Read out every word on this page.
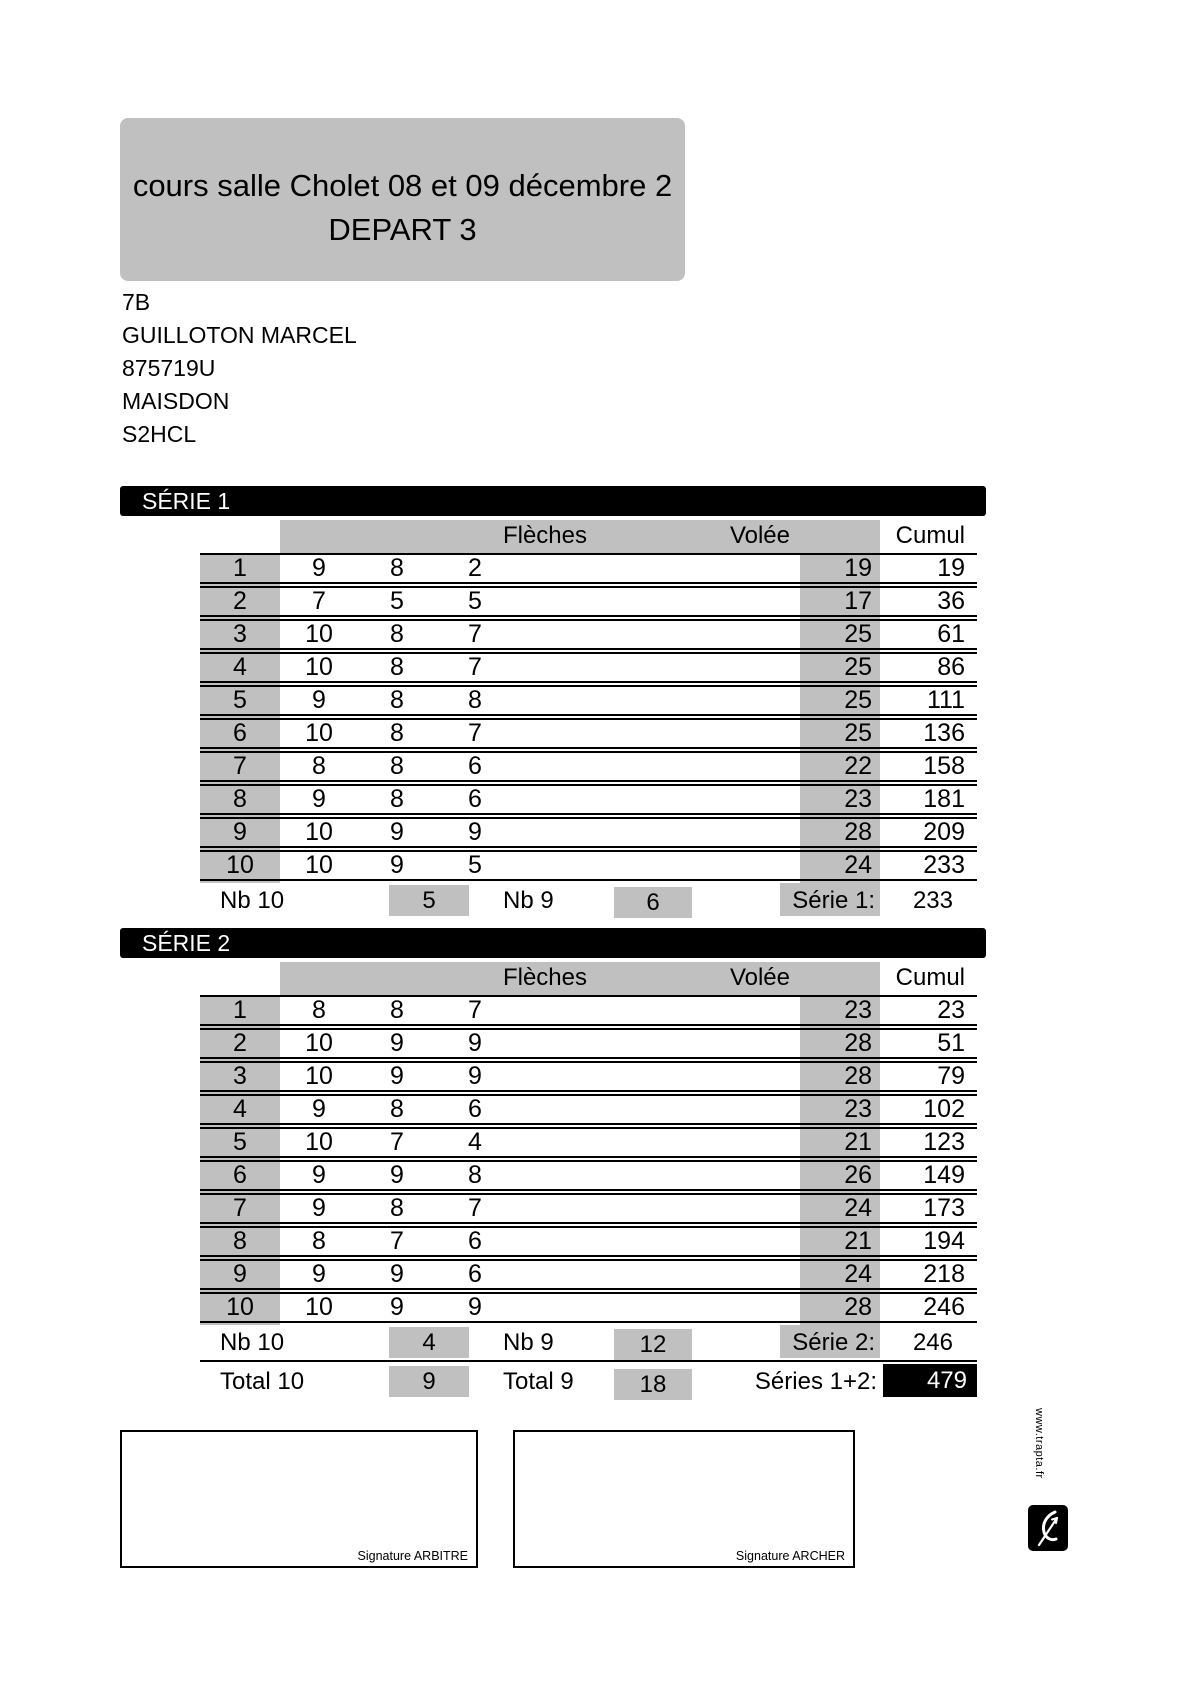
cours salle Cholet 08 et 09 décembre 2
DEPART 3
7B
GUILLOTON MARCEL
875719U
MAISDON
S2HCL
SÉRIE 1
Flèches	Volée	Cumul
1	9	8	2	19	19
2	7	5	5	17	36
3	10	8	7	25	61
4	10	8	7	25	86
5	9	8	8	25	111
6	10	8	7	25	136
7	8	8	6	22	158
8	9	8	6	23	181
9	10	9	9	28	209
10	10	9	5	24	233
Nb 10	5	Nb 9	6	Série 1:	233
SÉRIE 2
Flèches	Volée	Cumul
1	8	8	7	23	23
2	10	9	9	28	51
3	10	9	9	28	79
4	9	8	6	23	102
5	10	7	4	21	123
6	9	9	8	26	149
7	9	8	7	24	173
8	8	7	6	21	194
9	9	9	6	24	218
10	10	9	9	28	246
Nb 10	4	Nb 9	12	Série 2:	246
Total 10	9	Total 9	18	Séries 1+2:	479
Signature ARBITRE	Signature ARCHER
www.trapta.fr
